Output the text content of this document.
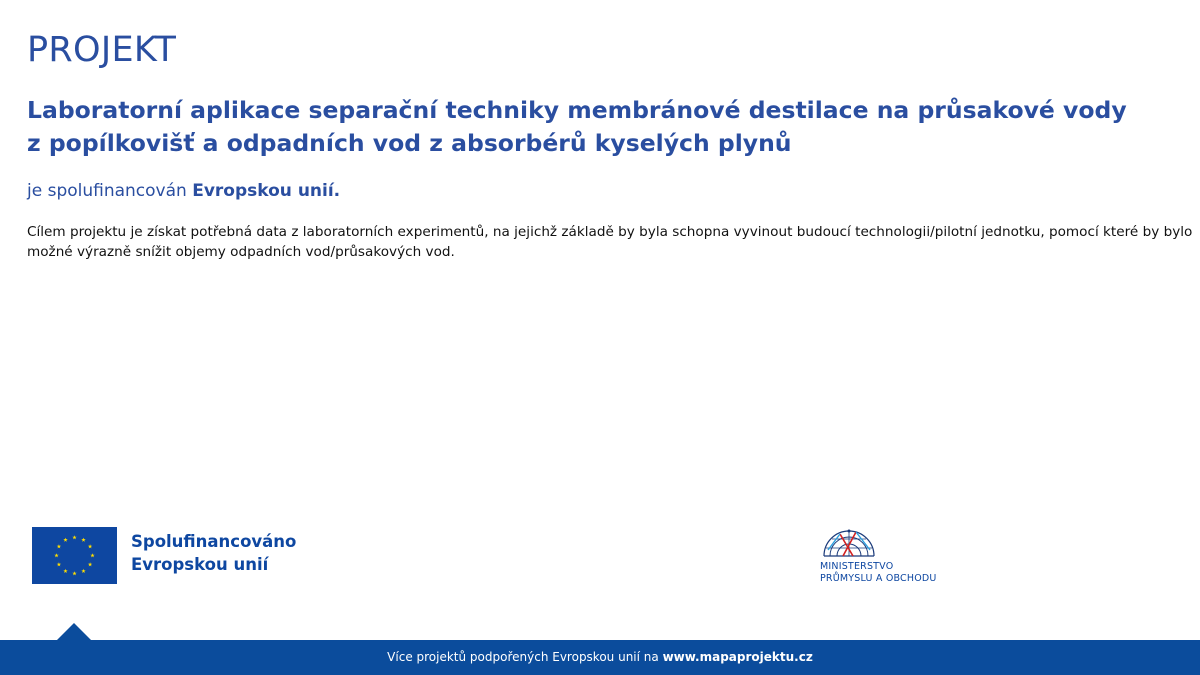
PROJEKT
Laboratorní aplikace separační techniky membránové destilace na průsakové vody
z popílkovišť a odpadních vod z absorbérů kyselých plynů

je spolufinancován Evropskou unií.

Cílem projektu je získat potřebná data z laboratorních experimentů, na jejichž základě by byla schopna vyvinout budoucí technologii/pilotní jednotku, pomocí které by bylo
možné výrazně snížit objemy odpadních vod/průsakových vod.

Spolufinancováno
Evropskou unií	MINISTERSTVO
PRŮMYSLU A OBCHODU
Více projektů podpořených Evropskou unií na www.mapaprojektu.cz
